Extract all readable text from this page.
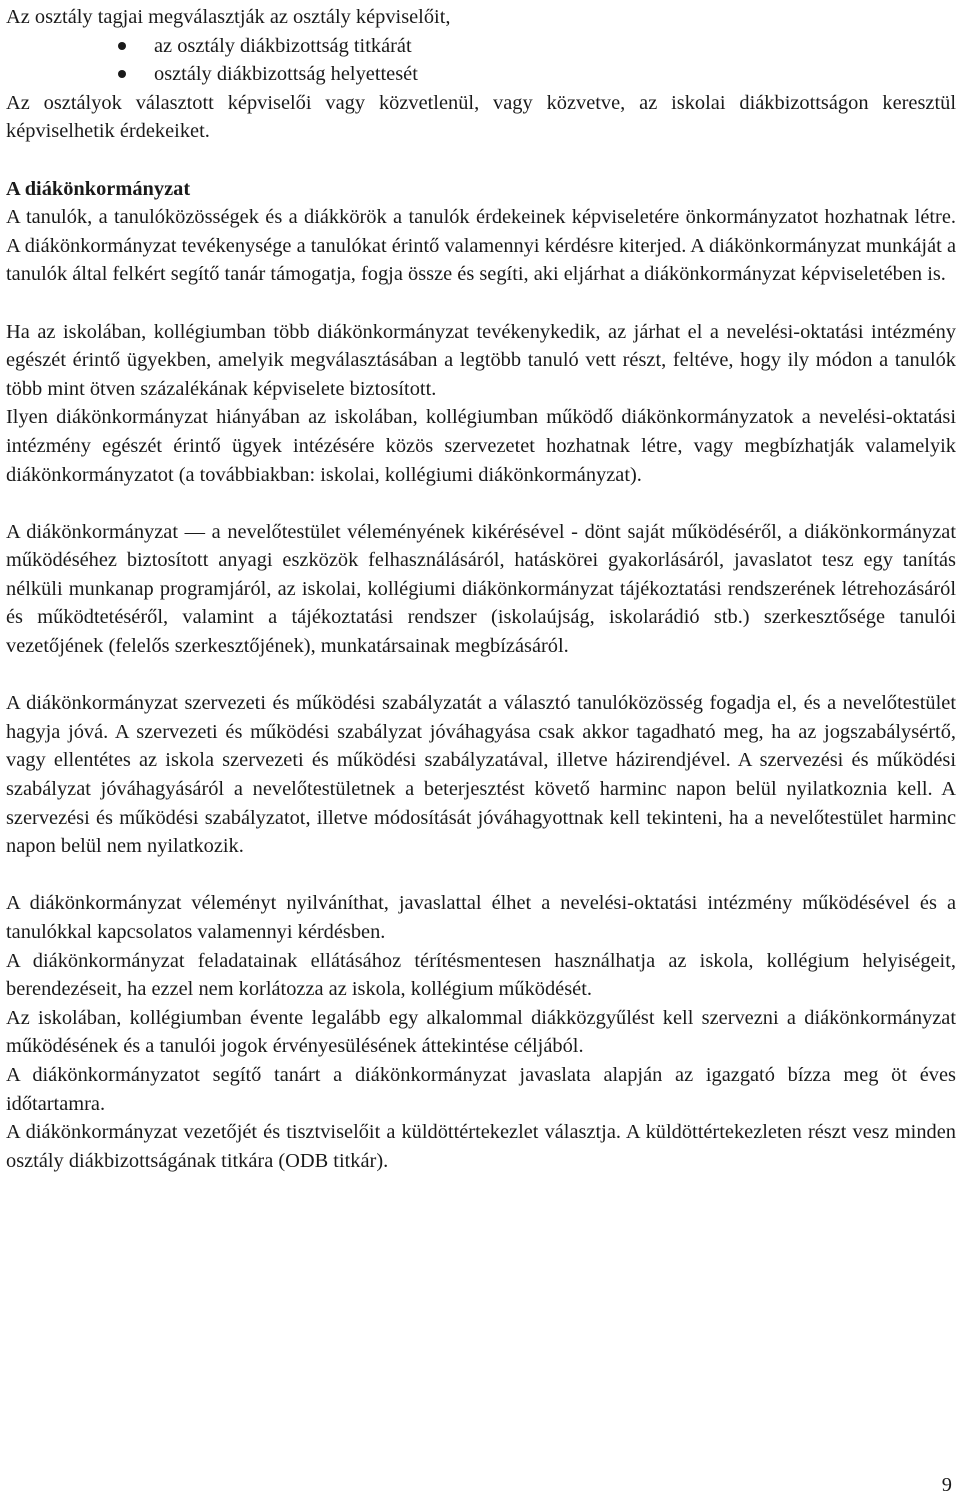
Az osztály tagjai megválasztják az osztály képviselőit,

az osztály diákbizottság titkárát
osztály diákbizottság helyettesét

Az osztályok választott képviselői vagy közvetlenül, vagy közvetve, az iskolai diákbizottságon keresztül képviselhetik érdekeiket.

A diákönkormányzat

A tanulók, a tanulóközösségek és a diákkörök a tanulók érdekeinek képviseletére önkormányzatot hozhatnak létre. A diákönkormányzat tevékenysége a tanulókat érintő valamennyi kérdésre kiterjed. A diákönkormányzat munkáját a tanulók által felkért segítő tanár támogatja, fogja össze és segíti, aki eljárhat a diákönkormányzat képviseletében is.

Ha az iskolában, kollégiumban több diákönkormányzat tevékenykedik, az járhat el a nevelési-oktatási intézmény egészét érintő ügyekben, amelyik megválasztásában a legtöbb tanuló vett részt, feltéve, hogy ily módon a tanulók több mint ötven százalékának képviselete biztosított.

Ilyen diákönkormányzat hiányában az iskolában, kollégiumban működő diákönkormányzatok a nevelési-oktatási intézmény egészét érintő ügyek intézésére közös szervezetet hozhatnak létre, vagy megbízhatják valamelyik diákönkormányzatot (a továbbiakban: iskolai, kollégiumi diákönkormányzat).

A diákönkormányzat — a nevelőtestület véleményének kikérésével - dönt saját működéséről, a diákönkormányzat működéséhez biztosított anyagi eszközök felhasználásáról, hatáskörei gyakorlásáról, javaslatot tesz egy tanítás nélküli munkanap programjáról, az iskolai, kollégiumi diákönkormányzat tájékoztatási rendszerének létrehozásáról és működtetéséről, valamint a tájékoztatási rendszer (iskolaújság, iskolarádió stb.) szerkesztősége tanulói vezetőjének (felelős szerkesztőjének), munkatársainak megbízásáról.

A diákönkormányzat szervezeti és működési szabályzatát a választó tanulóközösség fogadja el, és a nevelőtestület hagyja jóvá. A szervezeti és működési szabályzat jóváhagyása csak akkor tagadható meg, ha az jogszabálysértő, vagy ellentétes az iskola szervezeti és működési szabályzatával, illetve házirendjével. A szervezési és működési szabályzat jóváhagyásáról a nevelőtestületnek a beterjesztést követő harminc napon belül nyilatkoznia kell. A szervezési és működési szabályzatot, illetve módosítását jóváhagyottnak kell tekinteni, ha a nevelőtestület harminc napon belül nem nyilatkozik.

A diákönkormányzat véleményt nyilváníthat, javaslattal élhet a nevelési-oktatási intézmény működésével és a tanulókkal kapcsolatos valamennyi kérdésben.

A diákönkormányzat feladatainak ellátásához térítésmentesen használhatja az iskola, kollégium helyiségeit, berendezéseit, ha ezzel nem korlátozza az iskola, kollégium működését.

Az iskolában, kollégiumban évente legalább egy alkalommal diákközgyűlést kell szervezni a diákönkormányzat működésének és a tanulói jogok érvényesülésének áttekintése céljából.

A diákönkormányzatot segítő tanárt a diákönkormányzat javaslata alapján az igazgató bízza meg öt éves időtartamra.

A diákönkormányzat vezetőjét és tisztviselőit a küldöttértekezlet választja. A küldöttértekezleten részt vesz minden osztály diákbizottságának titkára (ODB titkár).

9
